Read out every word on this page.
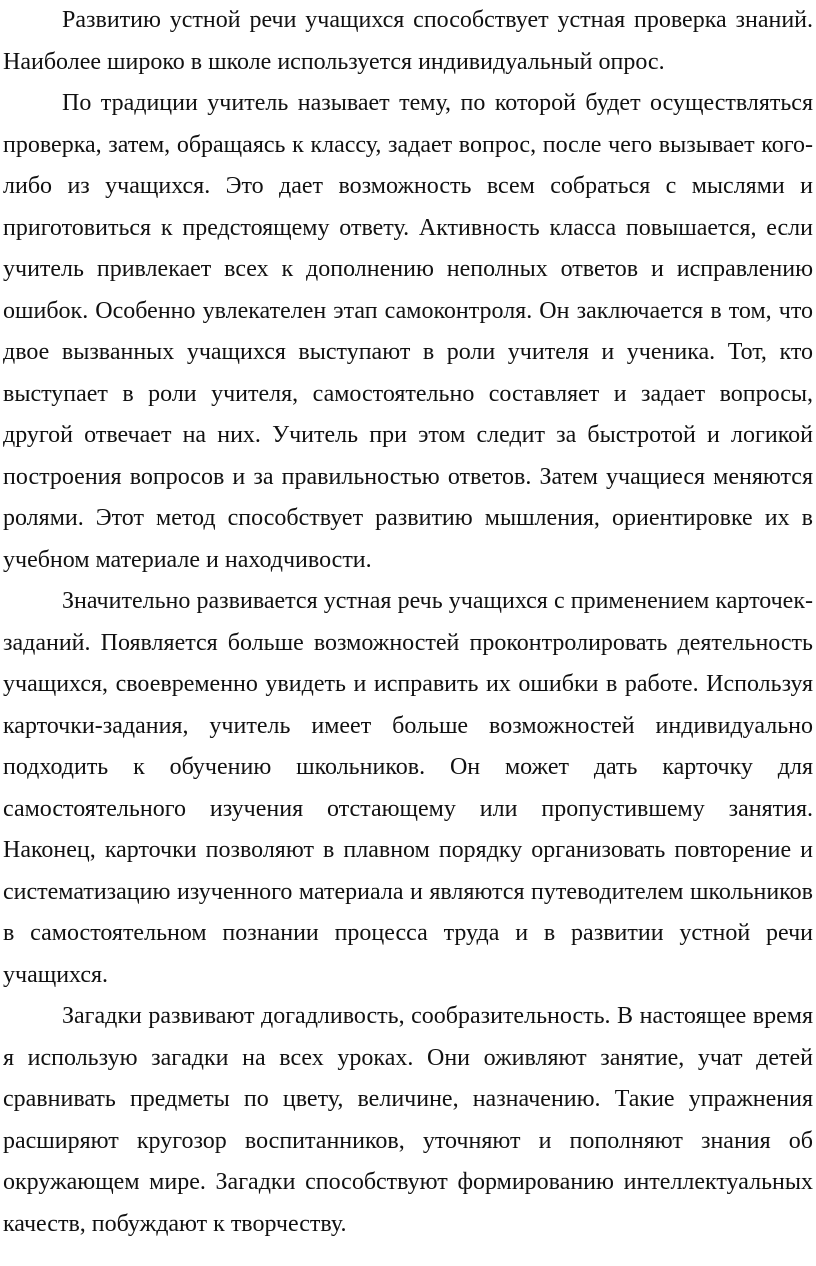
Развитию устной речи учащихся способствует устная проверка знаний. Наиболее широко в школе используется индивидуальный опрос.

По традиции учитель называет тему, по которой будет осуществляться проверка, затем, обращаясь к классу, задает вопрос, после чего вызывает кого-либо из учащихся. Это дает возможность всем собраться с мыслями и приготовиться к предстоящему ответу. Активность класса повышается, если учитель привлекает всех к дополнению неполных ответов и исправлению ошибок. Особенно увлекателен этап самоконтроля. Он заключается в том, что двое вызванных учащихся выступают в роли учителя и ученика. Тот, кто выступает в роли учителя, самостоятельно составляет и задает вопросы, другой отвечает на них. Учитель при этом следит за быстротой и логикой построения вопросов и за правильностью ответов. Затем учащиеся меняются ролями. Этот метод способствует развитию мышления, ориентировке их в учебном материале и находчивости.

Значительно развивается устная речь учащихся с применением карточек-заданий. Появляется больше возможностей проконтролировать деятельность учащихся, своевременно увидеть и исправить их ошибки в работе. Используя карточки-задания, учитель имеет больше возможностей индивидуально подходить к обучению школьников. Он может дать карточку для самостоятельного изучения отстающему или пропустившему занятия. Наконец, карточки позволяют в плавном порядку организовать повторение и систематизацию изученного материала и являются путеводителем школьников в самостоятельном познании процесса труда и в развитии устной речи учащихся.

Загадки развивают догадливость, сообразительность. В настоящее время я использую загадки на всех уроках. Они оживляют занятие, учат детей сравнивать предметы по цвету, величине, назначению. Такие упражнения расширяют кругозор воспитанников, уточняют и пополняют знания об окружающем мире. Загадки способствуют формированию интеллектуальных качеств, побуждают к творчеству.
